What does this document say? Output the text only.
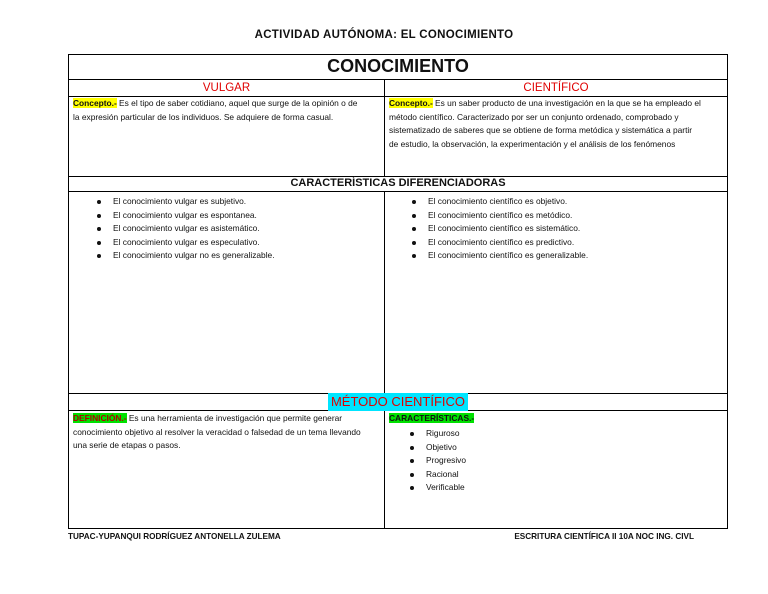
ACTIVIDAD AUTÓNOMA: EL CONOCIMIENTO
CONOCIMIENTO
VULGAR	CIENTÍFICO
Concepto.- Es el tipo de saber cotidiano, aquel que surge de la opinión o de la expresión particular de los individuos. Se adquiere de forma casual.
Concepto.- Es un saber producto de una investigación en la que se ha empleado el método científico. Caracterizado por ser un conjunto ordenado, comprobado y sistematizado de saberes que se obtiene de forma metódica y sistemática a partir de estudio, la observación, la experimentación y el análisis de los fenómenos
CARACTERÍSTICAS DIFERENCIADORAS
El conocimiento vulgar es subjetivo.
El conocimiento vulgar es espontanea.
El conocimiento vulgar es asistemático.
El conocimiento vulgar es especulativo.
El conocimiento vulgar no es generalizable.
El conocimiento científico es objetivo.
El conocimiento científico es metódico.
El conocimiento científico es sistemático.
El conocimiento científico es predictivo.
El conocimiento científico es generalizable.
MÉTODO CIENTÍFICO
DEFINICIÓN.- Es una herramienta de investigación que permite generar conocimiento objetivo al resolver la veracidad o falsedad de un tema llevando una serie de etapas o pasos.
CARACTERÍSTICAS.-
Riguroso
Objetivo
Progresivo
Racional
Verificable
TUPAC-YUPANQUI RODRÍGUEZ ANTONELLA ZULEMA	ESCRITURA CIENTÍFICA II 10A NOC ING. CIVL
